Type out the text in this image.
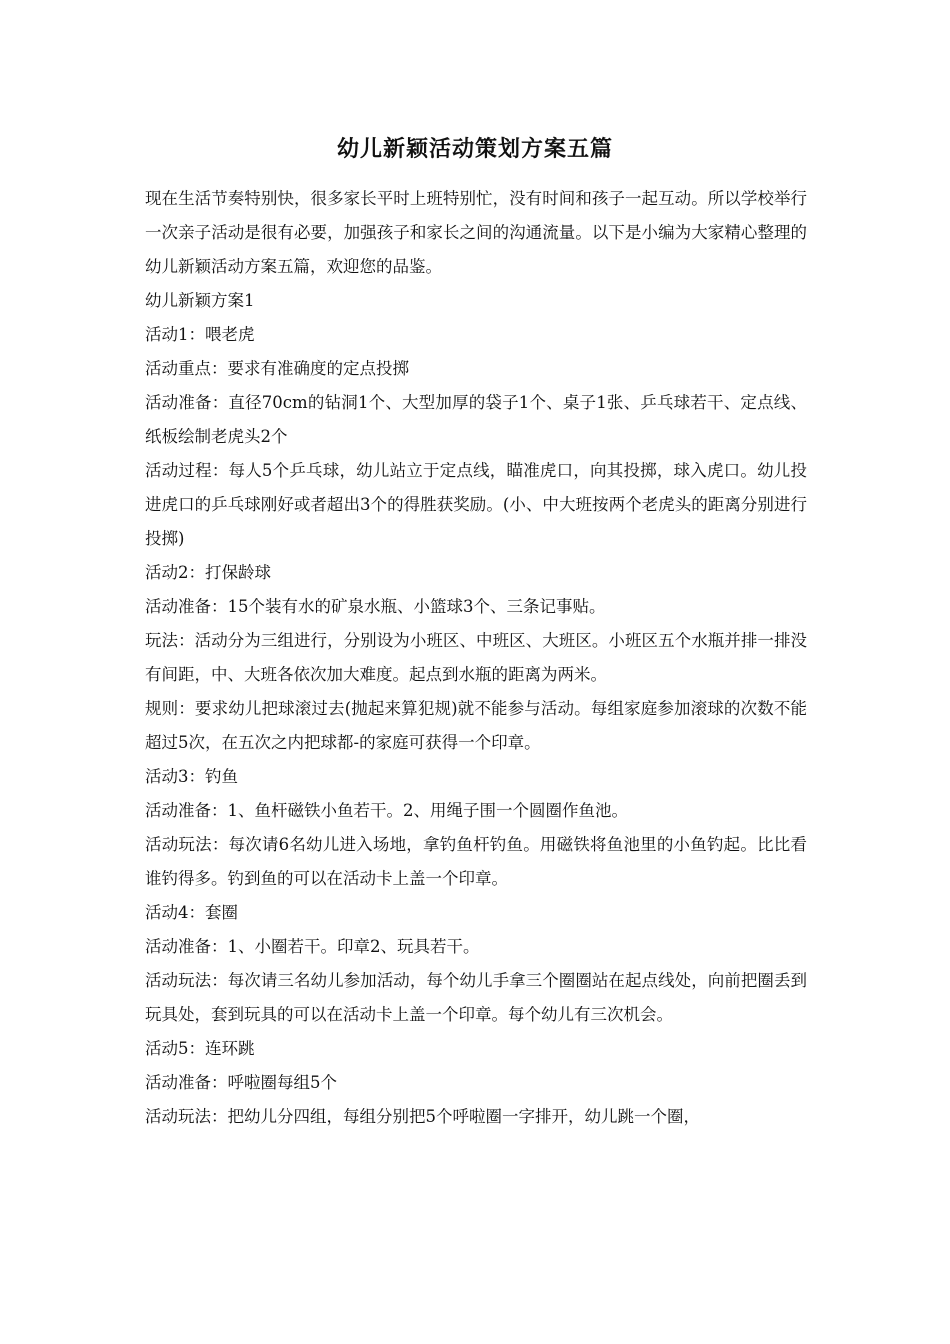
幼儿新颖活动策划方案五篇

现在生活节奏特别快，很多家长平时上班特别忙，没有时间和孩子一起互动。所以学校举行一次亲子活动是很有必要，加强孩子和家长之间的沟通流量。以下是小编为大家精心整理的幼儿新颖活动方案五篇，欢迎您的品鉴。

幼儿新颖方案1

活动1：喂老虎

活动重点：要求有准确度的定点投掷

活动准备：直径70cm的钻洞1个、大型加厚的袋子1个、桌子1张、乒乓球若干、定点线、纸板绘制老虎头2个

活动过程：每人5个乒乓球，幼儿站立于定点线，瞄准虎口，向其投掷，球入虎口。幼儿投进虎口的乒乓球刚好或者超出3个的得胜获奖励。(小、中大班按两个老虎头的距离分别进行投掷)

活动2：打保龄球

活动准备：15个装有水的矿泉水瓶、小篮球3个、三条记事贴。

玩法：活动分为三组进行，分别设为小班区、中班区、大班区。小班区五个水瓶并排一排没有间距，中、大班各依次加大难度。起点到水瓶的距离为两米。

规则：要求幼儿把球滚过去(抛起来算犯规)就不能参与活动。每组家庭参加滚球的次数不能超过5次，在五次之内把球都-的家庭可获得一个印章。

活动3：钓鱼

活动准备：1、鱼杆磁铁小鱼若干。2、用绳子围一个圆圈作鱼池。

活动玩法：每次请6名幼儿进入场地，拿钓鱼杆钓鱼。用磁铁将鱼池里的小鱼钓起。比比看谁钓得多。钓到鱼的可以在活动卡上盖一个印章。

活动4：套圈

活动准备：1、小圈若干。印章2、玩具若干。

活动玩法：每次请三名幼儿参加活动，每个幼儿手拿三个圈圈站在起点线处，向前把圈丢到玩具处，套到玩具的可以在活动卡上盖一个印章。每个幼儿有三次机会。

活动5：连环跳

活动准备：呼啦圈每组5个

活动玩法：把幼儿分四组，每组分别把5个呼啦圈一字排开，幼儿跳一个圈，
